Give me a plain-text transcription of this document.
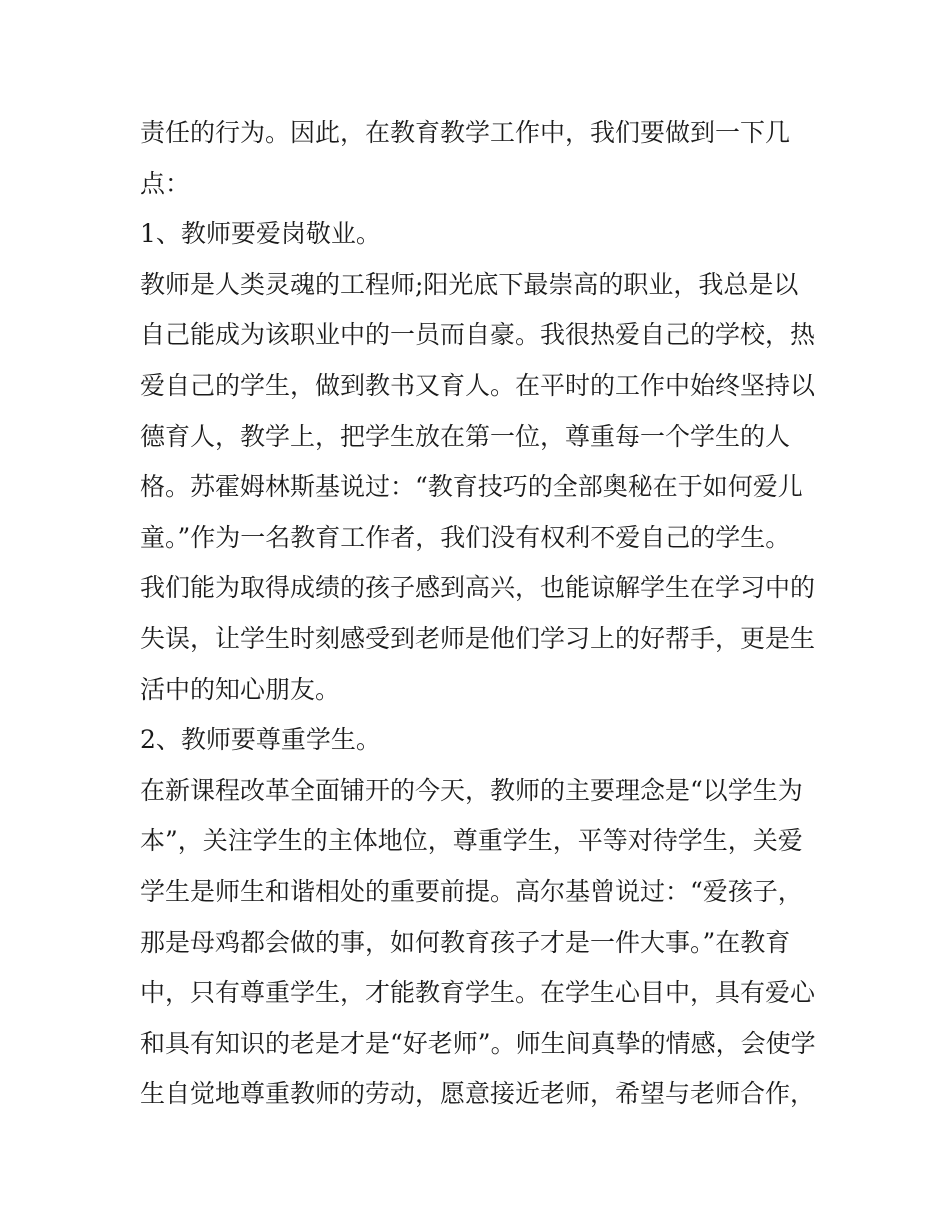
责任的行为。因此，在教育教学工作中，我们要做到一下几
点：
1、教师要爱岗敬业。
教师是人类灵魂的工程师;阳光底下最崇高的职业，我总是以
自己能成为该职业中的一员而自豪。我很热爱自己的学校，热
爱自己的学生，做到教书又育人。在平时的工作中始终坚持以
德育人，教学上，把学生放在第一位，尊重每一个学生的人
格。苏霍姆林斯基说过：“教育技巧的全部奥秘在于如何爱儿
童。”作为一名教育工作者，我们没有权利不爱自己的学生。
我们能为取得成绩的孩子感到高兴，也能谅解学生在学习中的
失误，让学生时刻感受到老师是他们学习上的好帮手，更是生
活中的知心朋友。
2、教师要尊重学生。
在新课程改革全面铺开的今天，教师的主要理念是“以学生为
本”，关注学生的主体地位，尊重学生，平等对待学生，关爱
学生是师生和谐相处的重要前提。高尔基曾说过：“爱孩子，
那是母鸡都会做的事，如何教育孩子才是一件大事。”在教育
中，只有尊重学生，才能教育学生。在学生心目中，具有爱心
和具有知识的老是才是“好老师”。师生间真挚的情感，会使学
生自觉地尊重教师的劳动，愿意接近老师，希望与老师合作，
